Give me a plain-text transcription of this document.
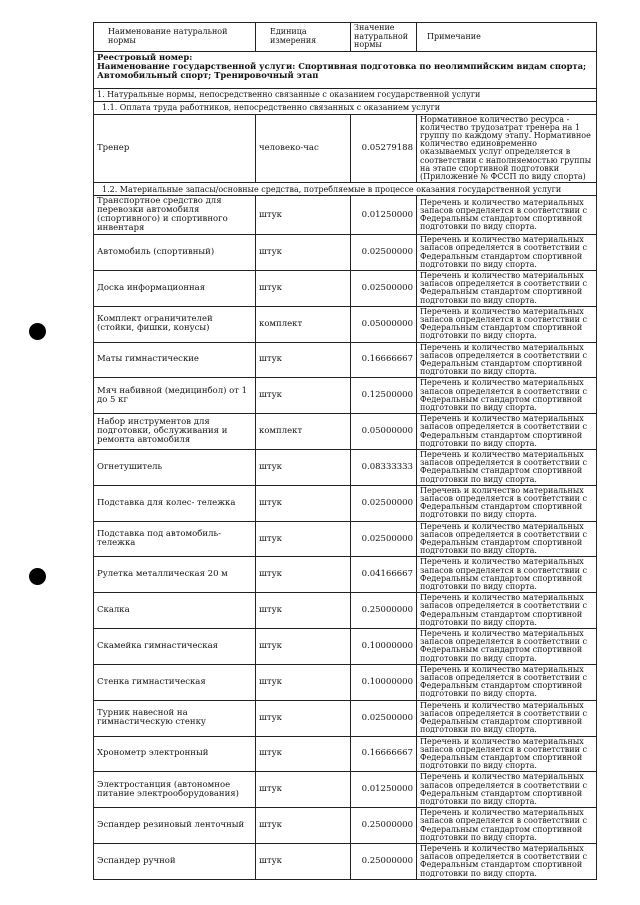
Наименование натуральной нормы	Единица измерения	Значение натуральной нормы	Примечание

Реестровый номер:
Наименование государственной услуги: Спортивная подготовка по неолимпийским видам спорта;
Автомобильный спорт; Тренировочный этап			

1. Натуральные нормы, непосредственно связанные с оказанием государственной услуги			
1.1. Оплата труда работников, непосредственно связанных с оказанием услуги			
Тренер	человеко-час	0.05279188	Нормативное количество ресурса - количество трудозатрат тренера на 1 группу по каждому этапу. Нормативное количество единовременно оказываемых услуг определяется в соответствии с наполняемостью группы на этапе спортивной подготовки (Приложение № ФССП по виду спорта)
1.2. Материальные запасы/основные средства, потребляемые в процессе оказания государственной услуги			
Транспортное средство для перевозки автомобиля (спортивного) и спортивного инвентаря	штук	0.01250000	Перечень и количество материальных запасов определяется в соответствии с Федеральным стандартом спортивной подготовки по виду спорта.
Автомобиль (спортивный)	штук	0.02500000	Перечень и количество материальных запасов определяется в соответствии с Федеральным стандартом спортивной подготовки по виду спорта.
Доска информационная	штук	0.02500000	Перечень и количество материальных запасов определяется в соответствии с Федеральным стандартом спортивной подготовки по виду спорта.
Комплект ограничителей (стойки, фишки, конусы)	комплект	0.05000000	Перечень и количество материальных запасов определяется в соответствии с Федеральным стандартом спортивной подготовки по виду спорта.
Маты гимнастические	штук	0.16666667	Перечень и количество материальных запасов определяется в соответствии с Федеральным стандартом спортивной подготовки по виду спорта.
Мяч набивной (медицинбол) от 1 до 5 кг	штук	0.12500000	Перечень и количество материальных запасов определяется в соответствии с Федеральным стандартом спортивной подготовки по виду спорта.
Набор инструментов для подготовки, обслуживания и ремонта автомобиля	комплект	0.05000000	Перечень и количество материальных запасов определяется в соответствии с Федеральным стандартом спортивной подготовки по виду спорта.
Огнетушитель	штук	0.08333333	Перечень и количество материальных запасов определяется в соответствии с Федеральным стандартом спортивной подготовки по виду спорта.
Подставка для колес- тележка	штук	0.02500000	Перечень и количество материальных запасов определяется в соответствии с Федеральным стандартом спортивной подготовки по виду спорта.
Подставка под автомобиль-тележка	штук	0.02500000	Перечень и количество материальных запасов определяется в соответствии с Федеральным стандартом спортивной подготовки по виду спорта.
Рулетка металлическая 20 м	штук	0.04166667	Перечень и количество материальных запасов определяется в соответствии с Федеральным стандартом спортивной подготовки по виду спорта.
Скалка	штук	0.25000000	Перечень и количество материальных запасов определяется в соответствии с Федеральным стандартом спортивной подготовки по виду спорта.
Скамейка гимнастическая	штук	0.10000000	Перечень и количество материальных запасов определяется в соответствии с Федеральным стандартом спортивной подготовки по виду спорта.
Стенка гимнастическая	штук	0.10000000	Перечень и количество материальных запасов определяется в соответствии с Федеральным стандартом спортивной подготовки по виду спорта.
Турник навесной на гимнастическую стенку	штук	0.02500000	Перечень и количество материальных запасов определяется в соответствии с Федеральным стандартом спортивной подготовки по виду спорта.
Хронометр электронный	штук	0.16666667	Перечень и количество материальных запасов определяется в соответствии с Федеральным стандартом спортивной подготовки по виду спорта.
Электростанция (автономное питание электрооборудования)	штук	0.01250000	Перечень и количество материальных запасов определяется в соответствии с Федеральным стандартом спортивной подготовки по виду спорта.
Эспандер резиновый ленточный	штук	0.25000000	Перечень и количество материальных запасов определяется в соответствии с Федеральным стандартом спортивной подготовки по виду спорта.
Эспандер ручной	штук	0.25000000	Перечень и количество материальных запасов определяется в соответствии с Федеральным стандартом спортивной подготовки по виду спорта.
